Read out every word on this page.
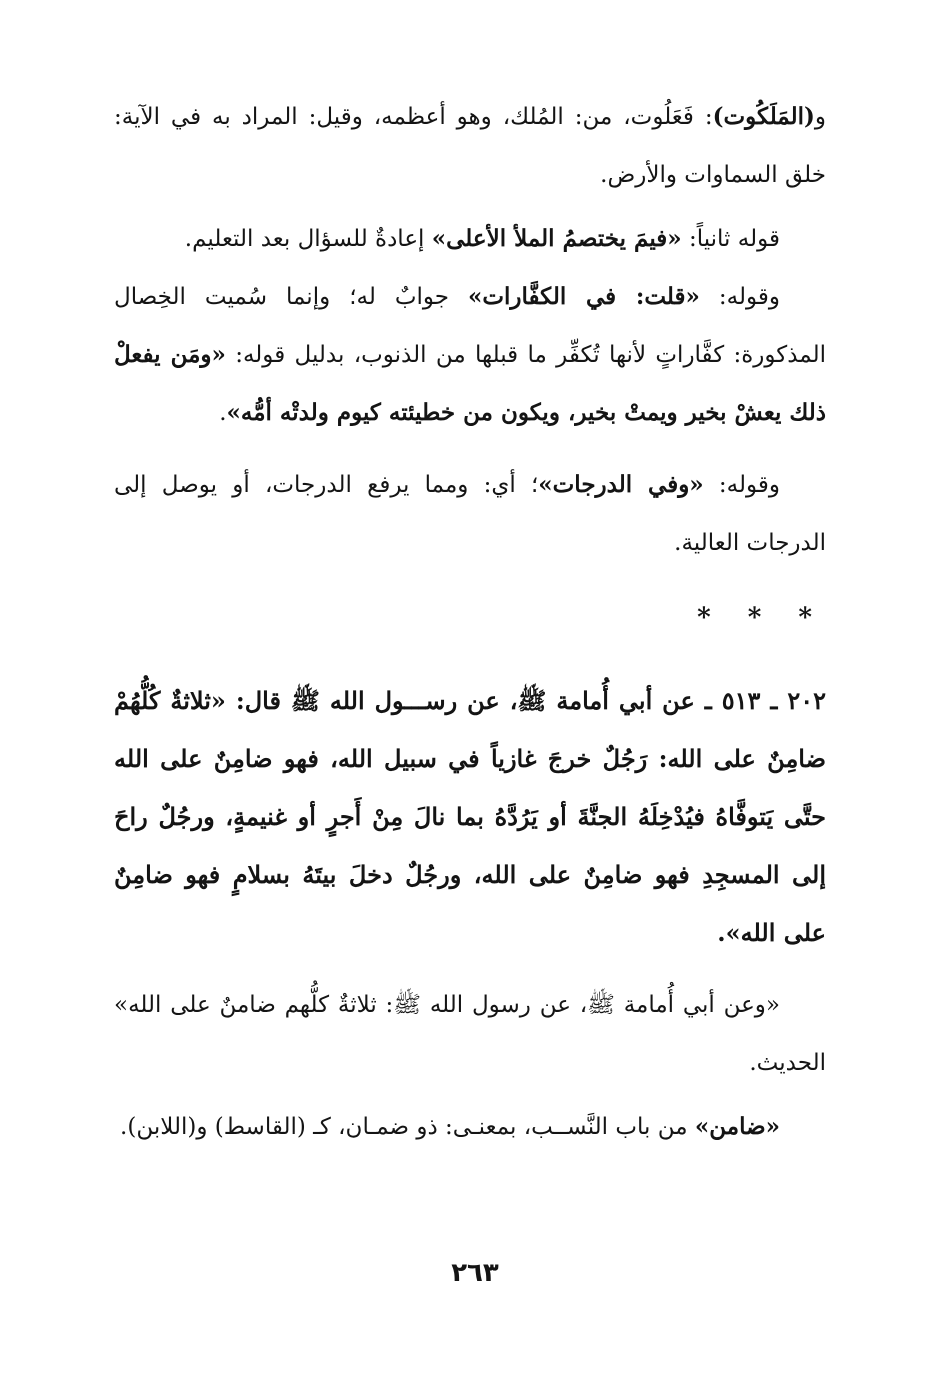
و(المَلَكُوت): فَعَلُوت، من: المُلك، وهو أعظمه، وقيل: المراد به في الآية: خلق السماوات والأرض.

قوله ثانياً: «فيمَ يختصمُ الملأ الأعلى» إعادةٌ للسؤال بعد التعليم.

وقوله: «قلت: في الكفَّارات» جوابٌ له؛ وإنما سُميت الخِصال المذكورة: كفَّاراتٍ لأنها تُكفِّر ما قبلها من الذنوب، بدليل قوله: «ومَن يفعلْ ذلك يعشْ بخير ويمتْ بخير، ويكون من خطيئته كيوم ولدتْه أمُّه».

وقوله: «وفي الدرجات»؛ أي: ومما يرفع الدرجات، أو يوصل إلى الدرجات العالية.

* * *

٢٠٢ ـ ٥١٣ ـ عن أبي أُمامة ﷺ، عن رســـول الله ﷺ قال: «ثلاثةٌ كُلُّهُمْ ضامِنٌ على الله: رَجُلٌ خرجَ غازياً في سبيل الله، فهو ضامِنٌ على الله حتَّى يَتوفَّاهُ فيُدْخِلَهُ الجنَّةَ أو يَرُدَّهُ بما نالَ مِنْ أَجرٍ أو غنيمةٍ، ورجُلٌ راحَ إلى المسجِدِ فهو ضامِنٌ على الله، ورجُلٌ دخلَ بيتَهُ بسلامٍ فهو ضامِنٌ على الله».

«وعن أبي أُمامة ﷺ، عن رسول الله ﷺ: ثلاثةٌ كلُّهم ضامنٌ على الله» الحديث.

«ضامن» من باب النَّســب، بمعنـى: ذو ضمـان، كـ (القاسط) و(اللابن).

٢٦٣
